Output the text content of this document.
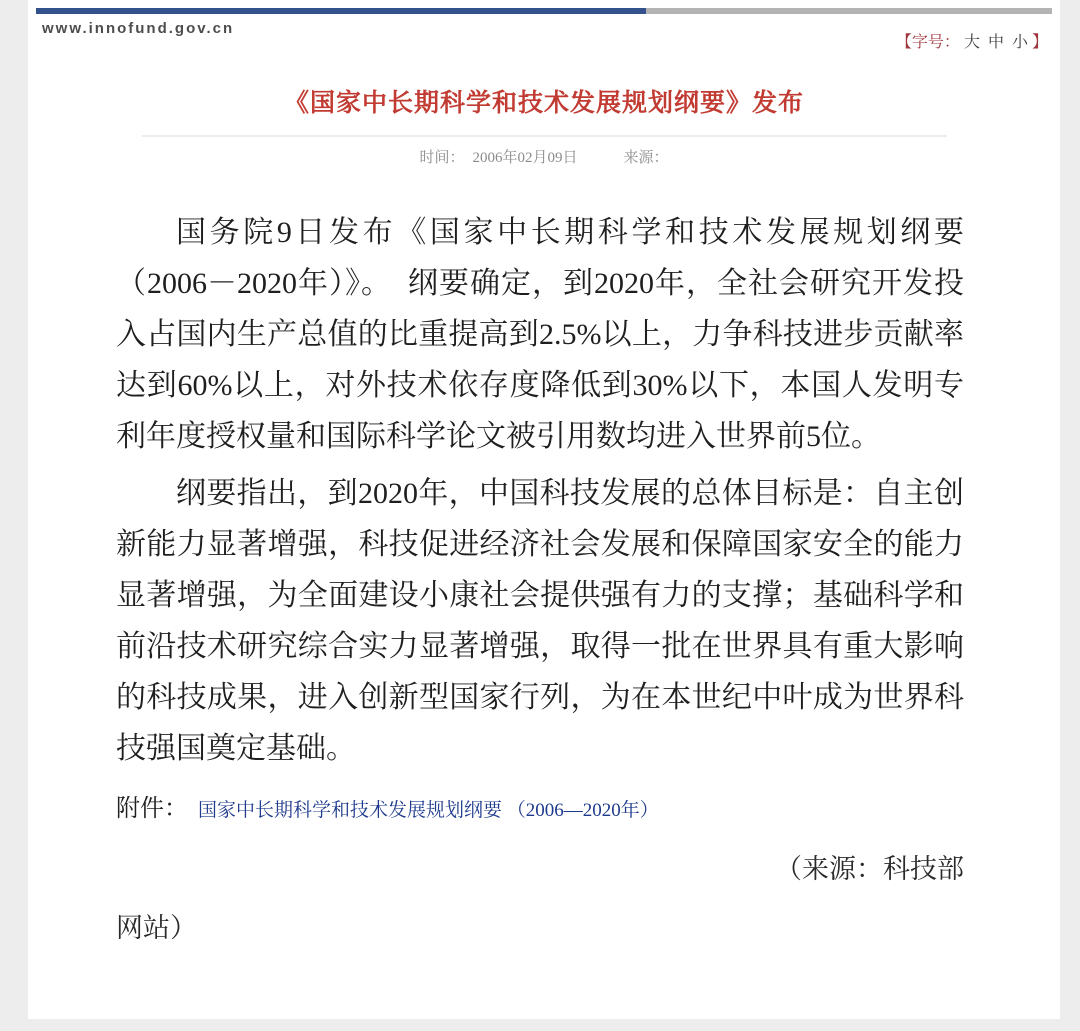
www.innofund.gov.cn
【字号： 大 中 小 】
《国家中长期科学和技术发展规划纲要》发布
时间： 2006年02月09日	来源：

国务院9日发布《国家中长期科学和技术发展规划纲要（2006－2020年）》。　纲要确定，到2020年，全社会研究开发投入占国内生产总值的比重提高到2.5%以上，力争科技进步贡献率达到60%以上，对外技术依存度降低到30%以下，本国人发明专利年度授权量和国际科学论文被引用数均进入世界前5位。

纲要指出，到2020年，中国科技发展的总体目标是：自主创新能力显著增强，科技促进经济社会发展和保障国家安全的能力显著增强，为全面建设小康社会提供强有力的支撑；基础科学和前沿技术研究综合实力显著增强，取得一批在世界具有重大影响的科技成果，进入创新型国家行列，为在本世纪中叶成为世界科技强国奠定基础。

附件： 国家中长期科学和技术发展规划纲要 （2006—2020年）
（来源：科技部
网站）
